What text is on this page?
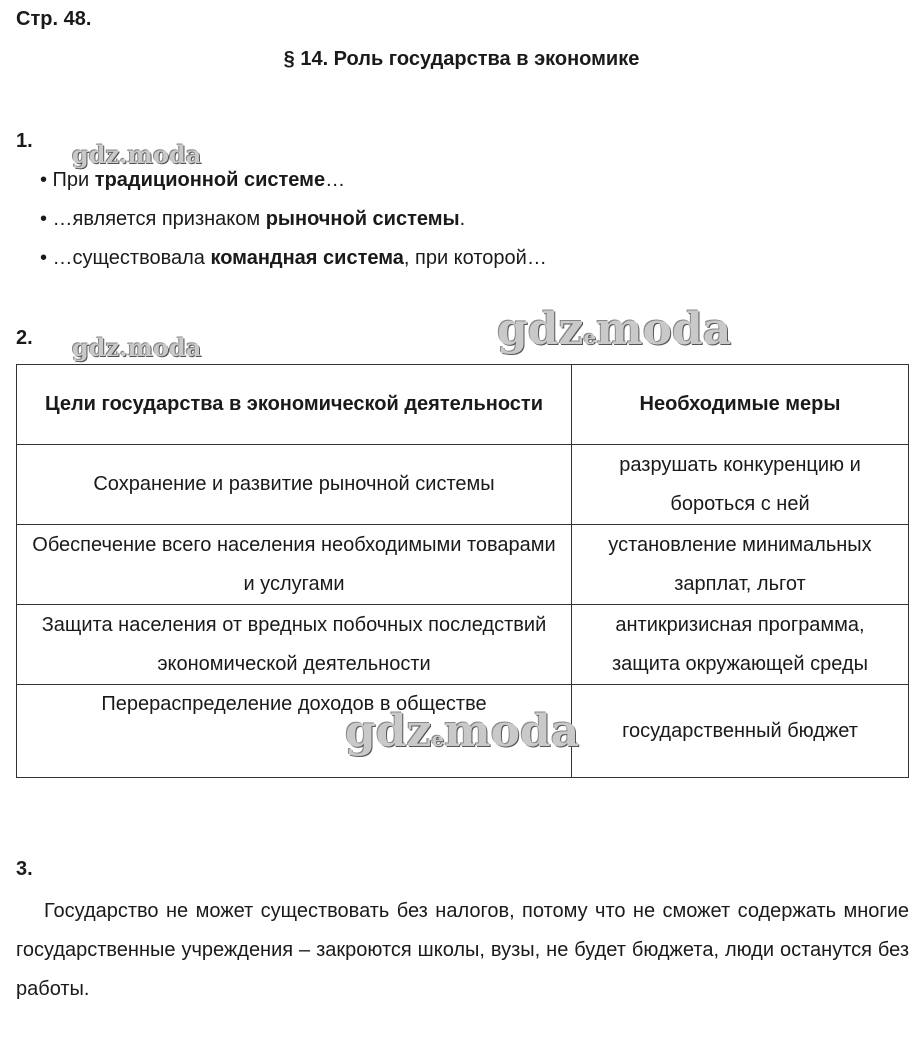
Стр. 48.
§ 14. Роль государства в экономике
1. gdz.moda
• При традиционной системе…
• …является признаком рыночной системы.
• …существовала командная система, при которой…
2. gdz.moda
Цели государства в экономической деятельности	Необходимые меры
Сохранение и развитие рыночной системы	разрушать конкуренцию и бороться с ней
Обеспечение всего населения необходимыми товарами и услугами	установление минимальных зарплат, льгот
Защита населения от вредных побочных последствий экономической деятельности	антикризисная программа, защита окружающей среды
Перераспределение доходов в обществе	государственный бюджет
gdzemoda
gdzemoda
3.
Государство не может существовать без налогов, потому что не сможет содержать многие государственные учреждения – закроются школы, вузы, не будет бюджета, люди останутся без работы.
